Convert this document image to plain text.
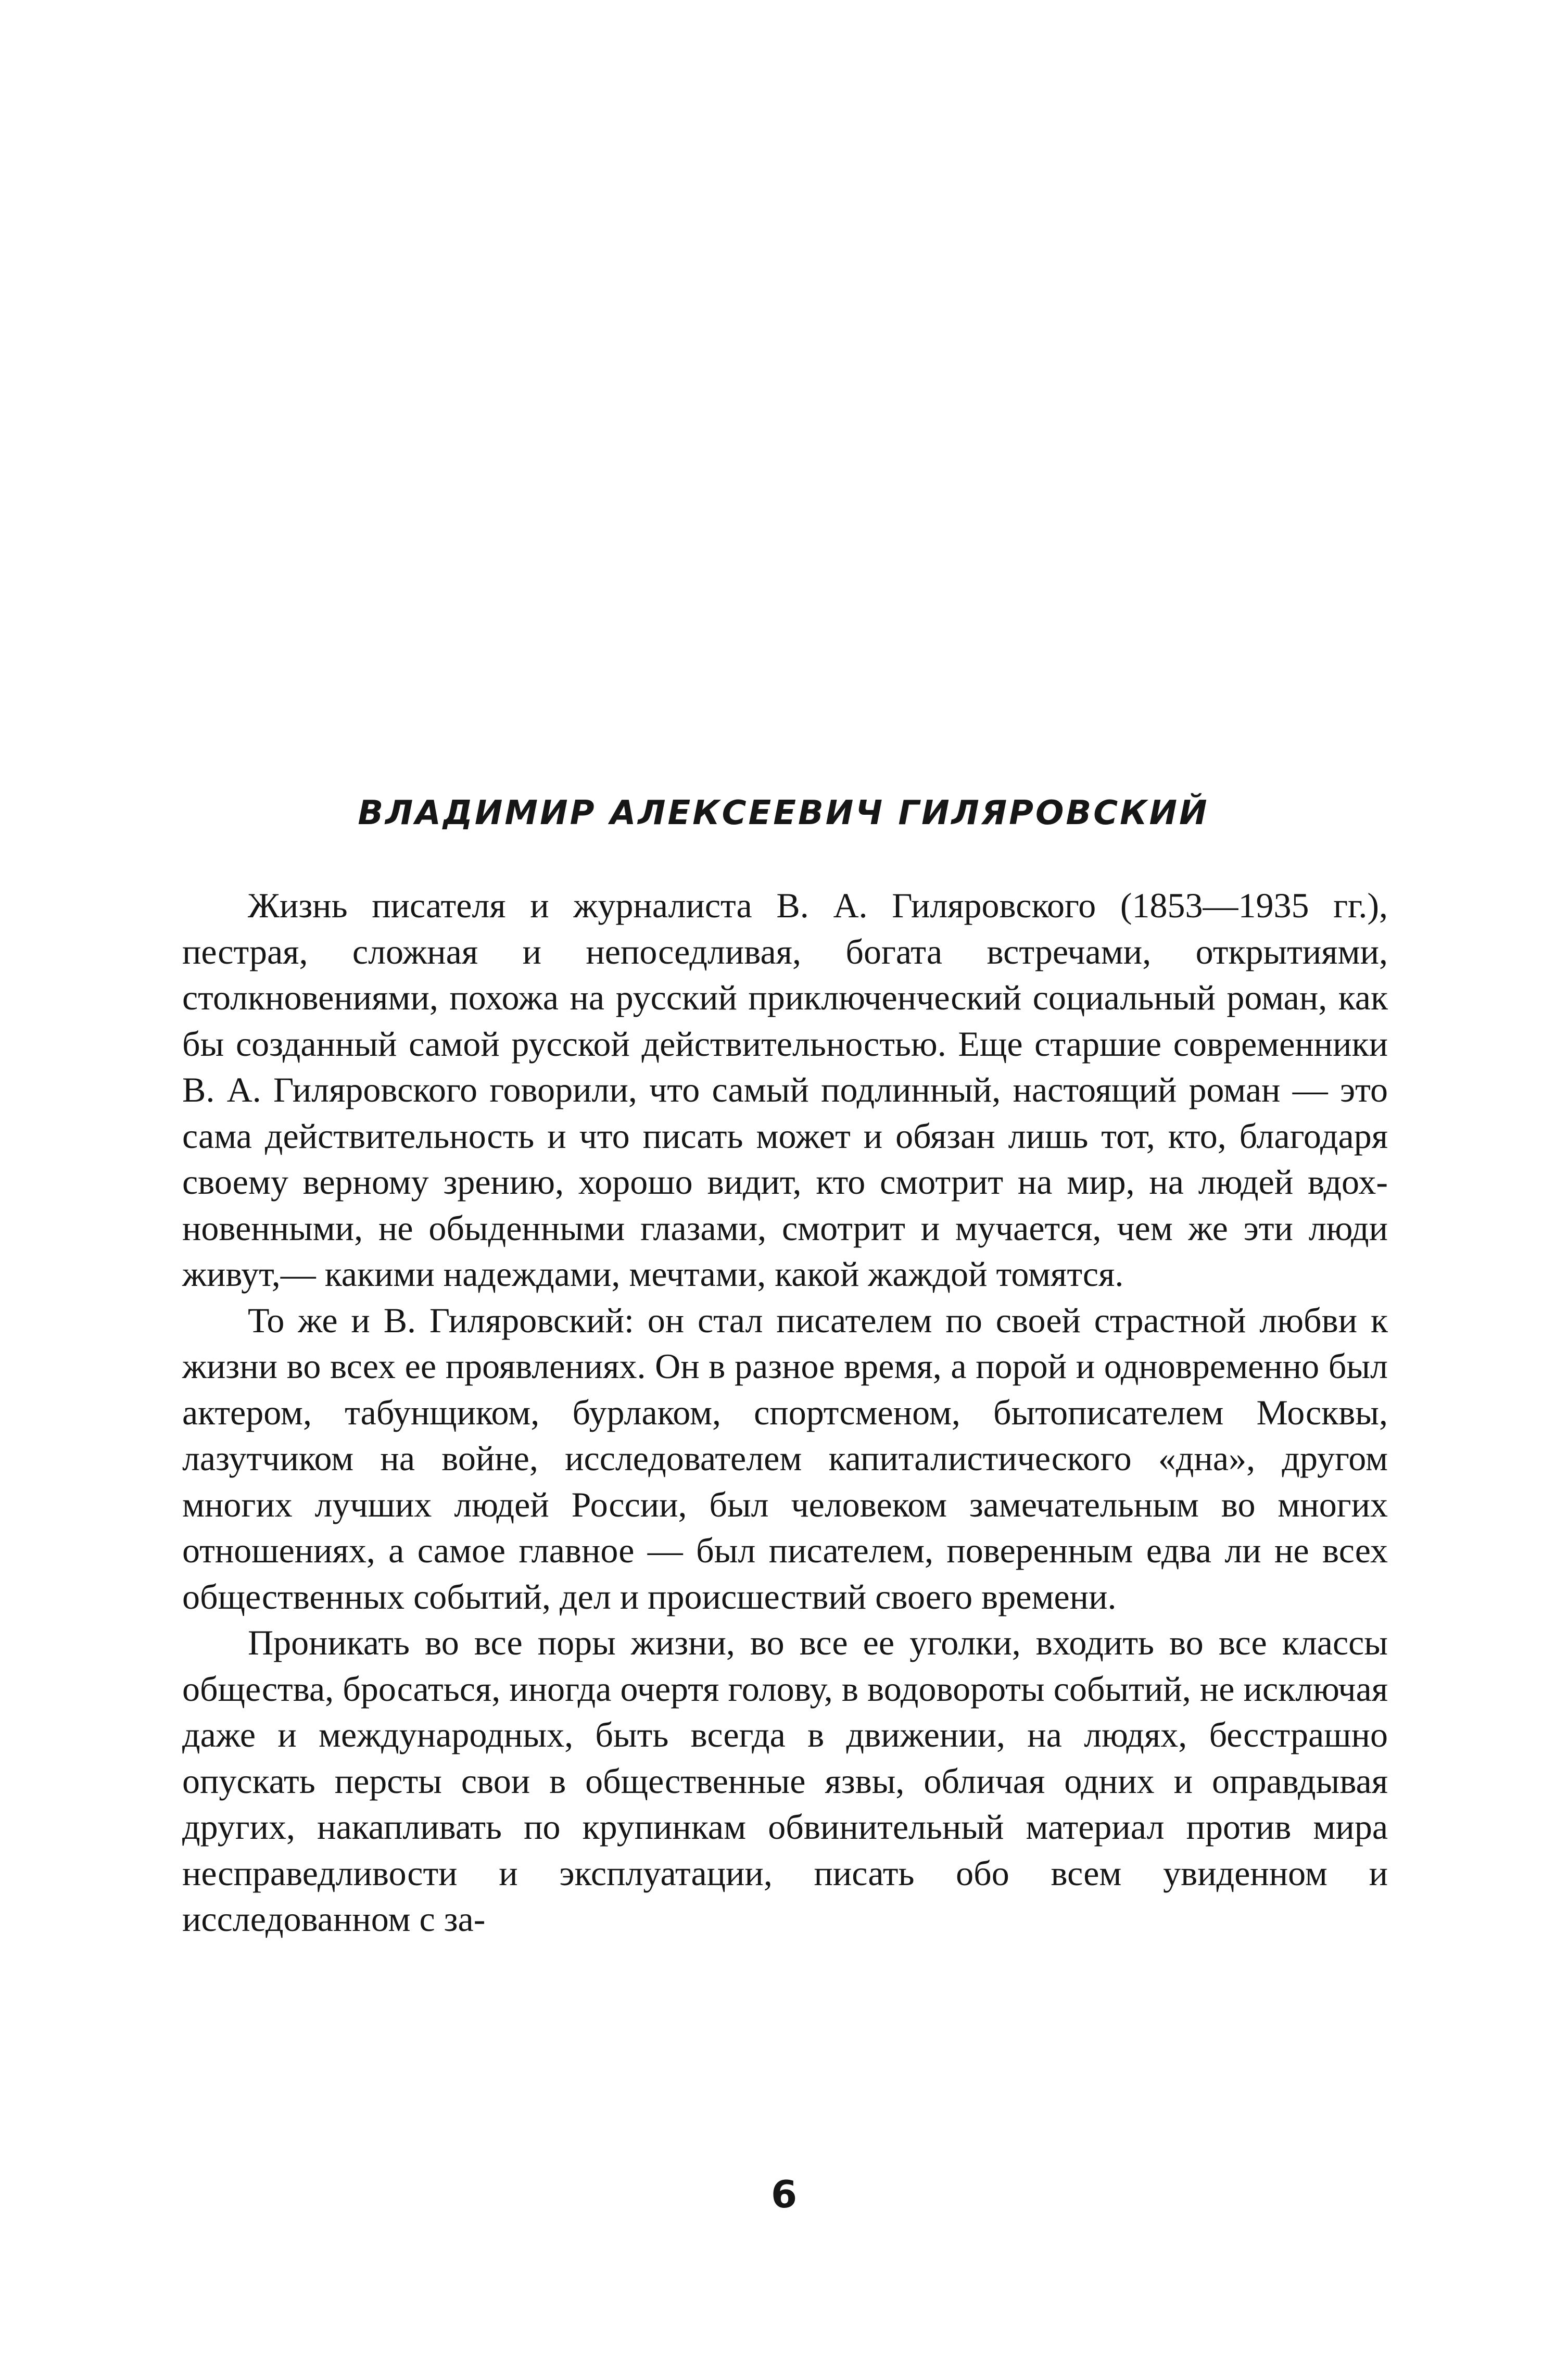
ВЛАДИМИР АЛЕКСЕЕВИЧ ГИЛЯРОВСКИЙ

Жизнь писателя и журналиста В. А. Гиляровского (1853—1935 гг.), пестрая, сложная и непоседливая, богата встречами, открытиями, столкновениями, похожа на русский приключенческий социальный роман, как бы созданный самой русской действительностью. Еще старшие современники В. А. Гиляровского говорили, что самый подлинный, настоящий роман — это сама действительность и что писать может и обязан лишь тот, кто, благодаря своему верному зрению, хорошо видит, кто смотрит на мир, на людей вдохновенными, не обыденными глазами, смотрит и мучается, чем же эти люди живут,— какими надеждами, мечтами, какой жаждой томятся.

То же и В. Гиляровский: он стал писателем по своей страстной любви к жизни во всех ее проявлениях. Он в разное время, а порой и одновременно был актером, табунщиком, бурлаком, спортсменом, бытописателем Москвы, лазутчиком на войне, исследователем капиталистического «дна», другом многих лучших людей России, был человеком замечательным во многих отношениях, а самое главное — был писателем, поверенным едва ли не всех общественных событий, дел и происшествий своего времени.

Проникать во все поры жизни, во все ее уголки, входить во все классы общества, бросаться, иногда очертя голову, в водовороты событий, не исключая даже и международных, быть всегда в движении, на людях, бесстрашно опускать персты свои в общественные язвы, обличая одних и оправдывая других, накапливать по крупинкам обвинительный материал против мира несправедливости и эксплуатации, писать обо всем увиденном и исследованном с за-

6
